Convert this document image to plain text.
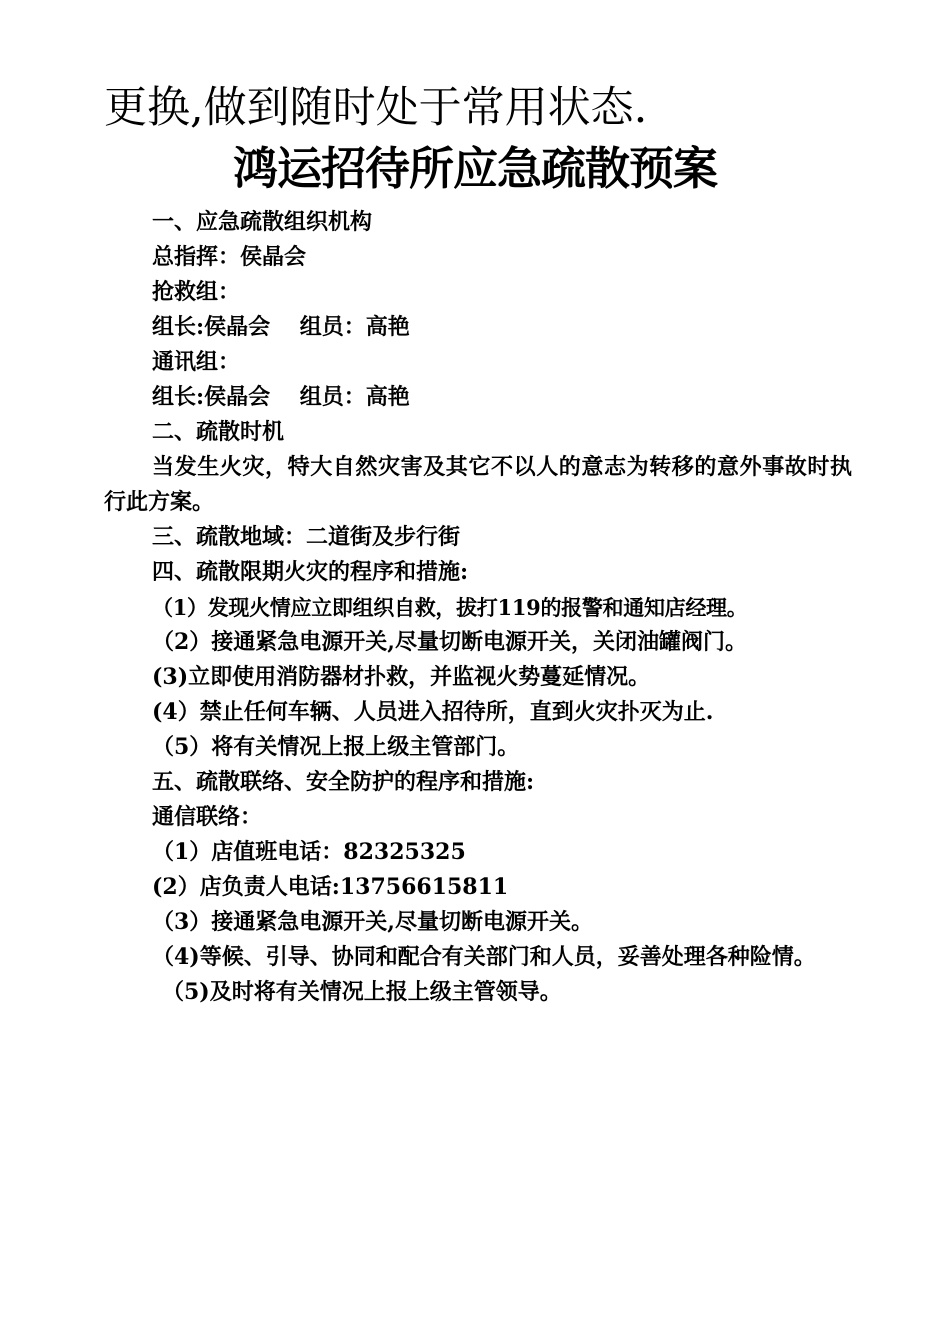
更换,做到随时处于常用状态.
鸿运招待所应急疏散预案

一、应急疏散组织机构

总指挥：侯晶会

抢救组：

组长:侯晶会　 组员：高艳

通讯组：

组长:侯晶会　 组员：高艳

二、疏散时机

当发生火灾，特大自然灾害及其它不以人的意志为转移的意外事故时执行此方案。

三、疏散地域：二道街及步行街

四、疏散限期火灾的程序和措施:

（1）发现火情应立即组织自救，拔打119的报警和通知店经理。

（2）接通紧急电源开关,尽量切断电源开关，关闭油罐阀门。

(3)立即使用消防器材扑救，并监视火势蔓延情况。

(4）禁止任何车辆、人员进入招待所，直到火灾扑灭为止.

（5）将有关情况上报上级主管部门。

五、疏散联络、安全防护的程序和措施:

通信联络：

（1）店值班电话：82325325

(2）店负责人电话:13756615811

（3）接通紧急电源开关,尽量切断电源开关。

（4)等候、引导、协同和配合有关部门和人员，妥善处理各种险情。

（5)及时将有关情况上报上级主管领导。
